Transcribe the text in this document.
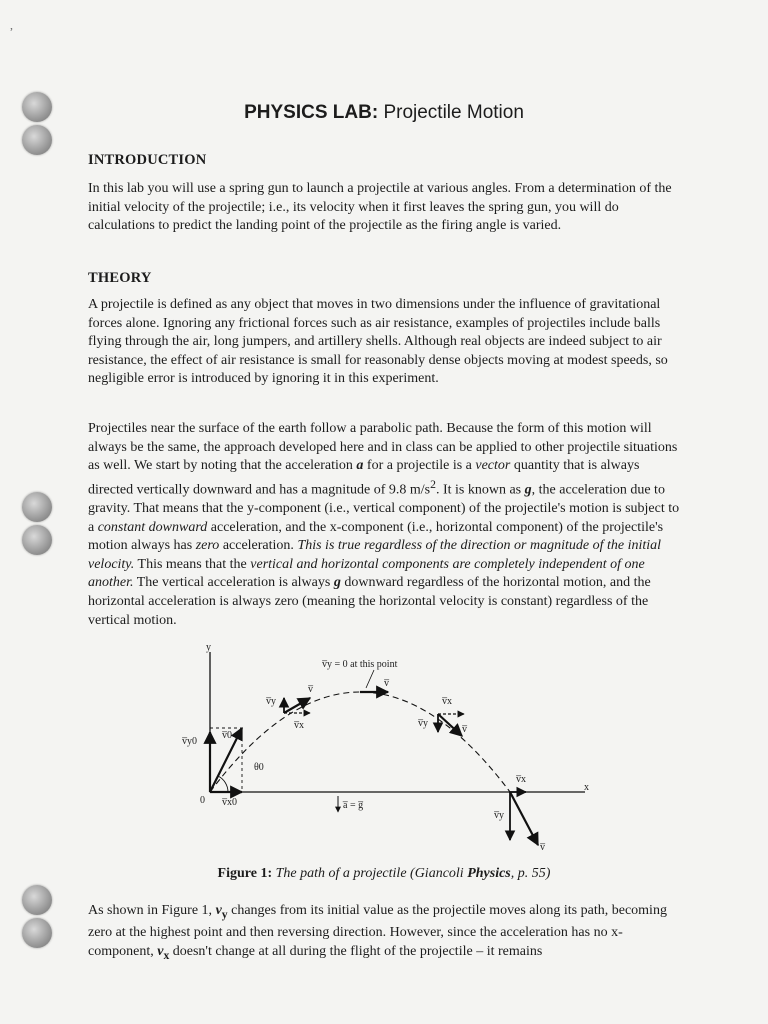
,
PHYSICS LAB: Projectile Motion
INTRODUCTION
In this lab you will use a spring gun to launch a projectile at various angles. From a determination of the initial velocity of the projectile; i.e., its velocity when it first leaves the spring gun, you will do calculations to predict the landing point of the projectile as the firing angle is varied.
THEORY
A projectile is defined as any object that moves in two dimensions under the influence of gravitational forces alone. Ignoring any frictional forces such as air resistance, examples of projectiles include balls flying through the air, long jumpers, and artillery shells. Although real objects are indeed subject to air resistance, the effect of air resistance is small for reasonably dense objects moving at modest speeds, so negligible error is introduced by ignoring it in this experiment.
Projectiles near the surface of the earth follow a parabolic path. Because the form of this motion will always be the same, the approach developed here and in class can be applied to other projectile situations as well. We start by noting that the acceleration a for a projectile is a vector quantity that is always directed vertically downward and has a magnitude of 9.8 $m/s^2$. It is known as g, the acceleration due to gravity. That means that the y-component (i.e., vertical component) of the projectile's motion is subject to a constant downward acceleration, and the x-component (i.e., horizontal component) of the projectile's motion always has zero acceleration. This is true regardless of the direction or magnitude of the initial velocity. This means that the vertical and horizontal components are completely independent of one another. The vertical acceleration is always g downward regardless of the horizontal motion, and the horizontal acceleration is always zero (meaning the horizontal velocity is constant) regardless of the vertical motion.
y
x
0
v̅y0
v̅0
θ0
v̅x0
v̅y
v̅
v̅x
v̅y = 0 at this point
v̅
v̅x
v̅y
v̅
v̅x
v̅y
v̅
a̅ = g̅
Figure 1: The path of a projectile (Giancoli Physics, p. 55)
As shown in Figure 1, $v_y$ changes from its initial value as the projectile moves along its path, becoming zero at the highest point and then reversing direction. However, since the acceleration has no x-component, $v_x$ doesn't change at all during the flight of the projectile – it remains
